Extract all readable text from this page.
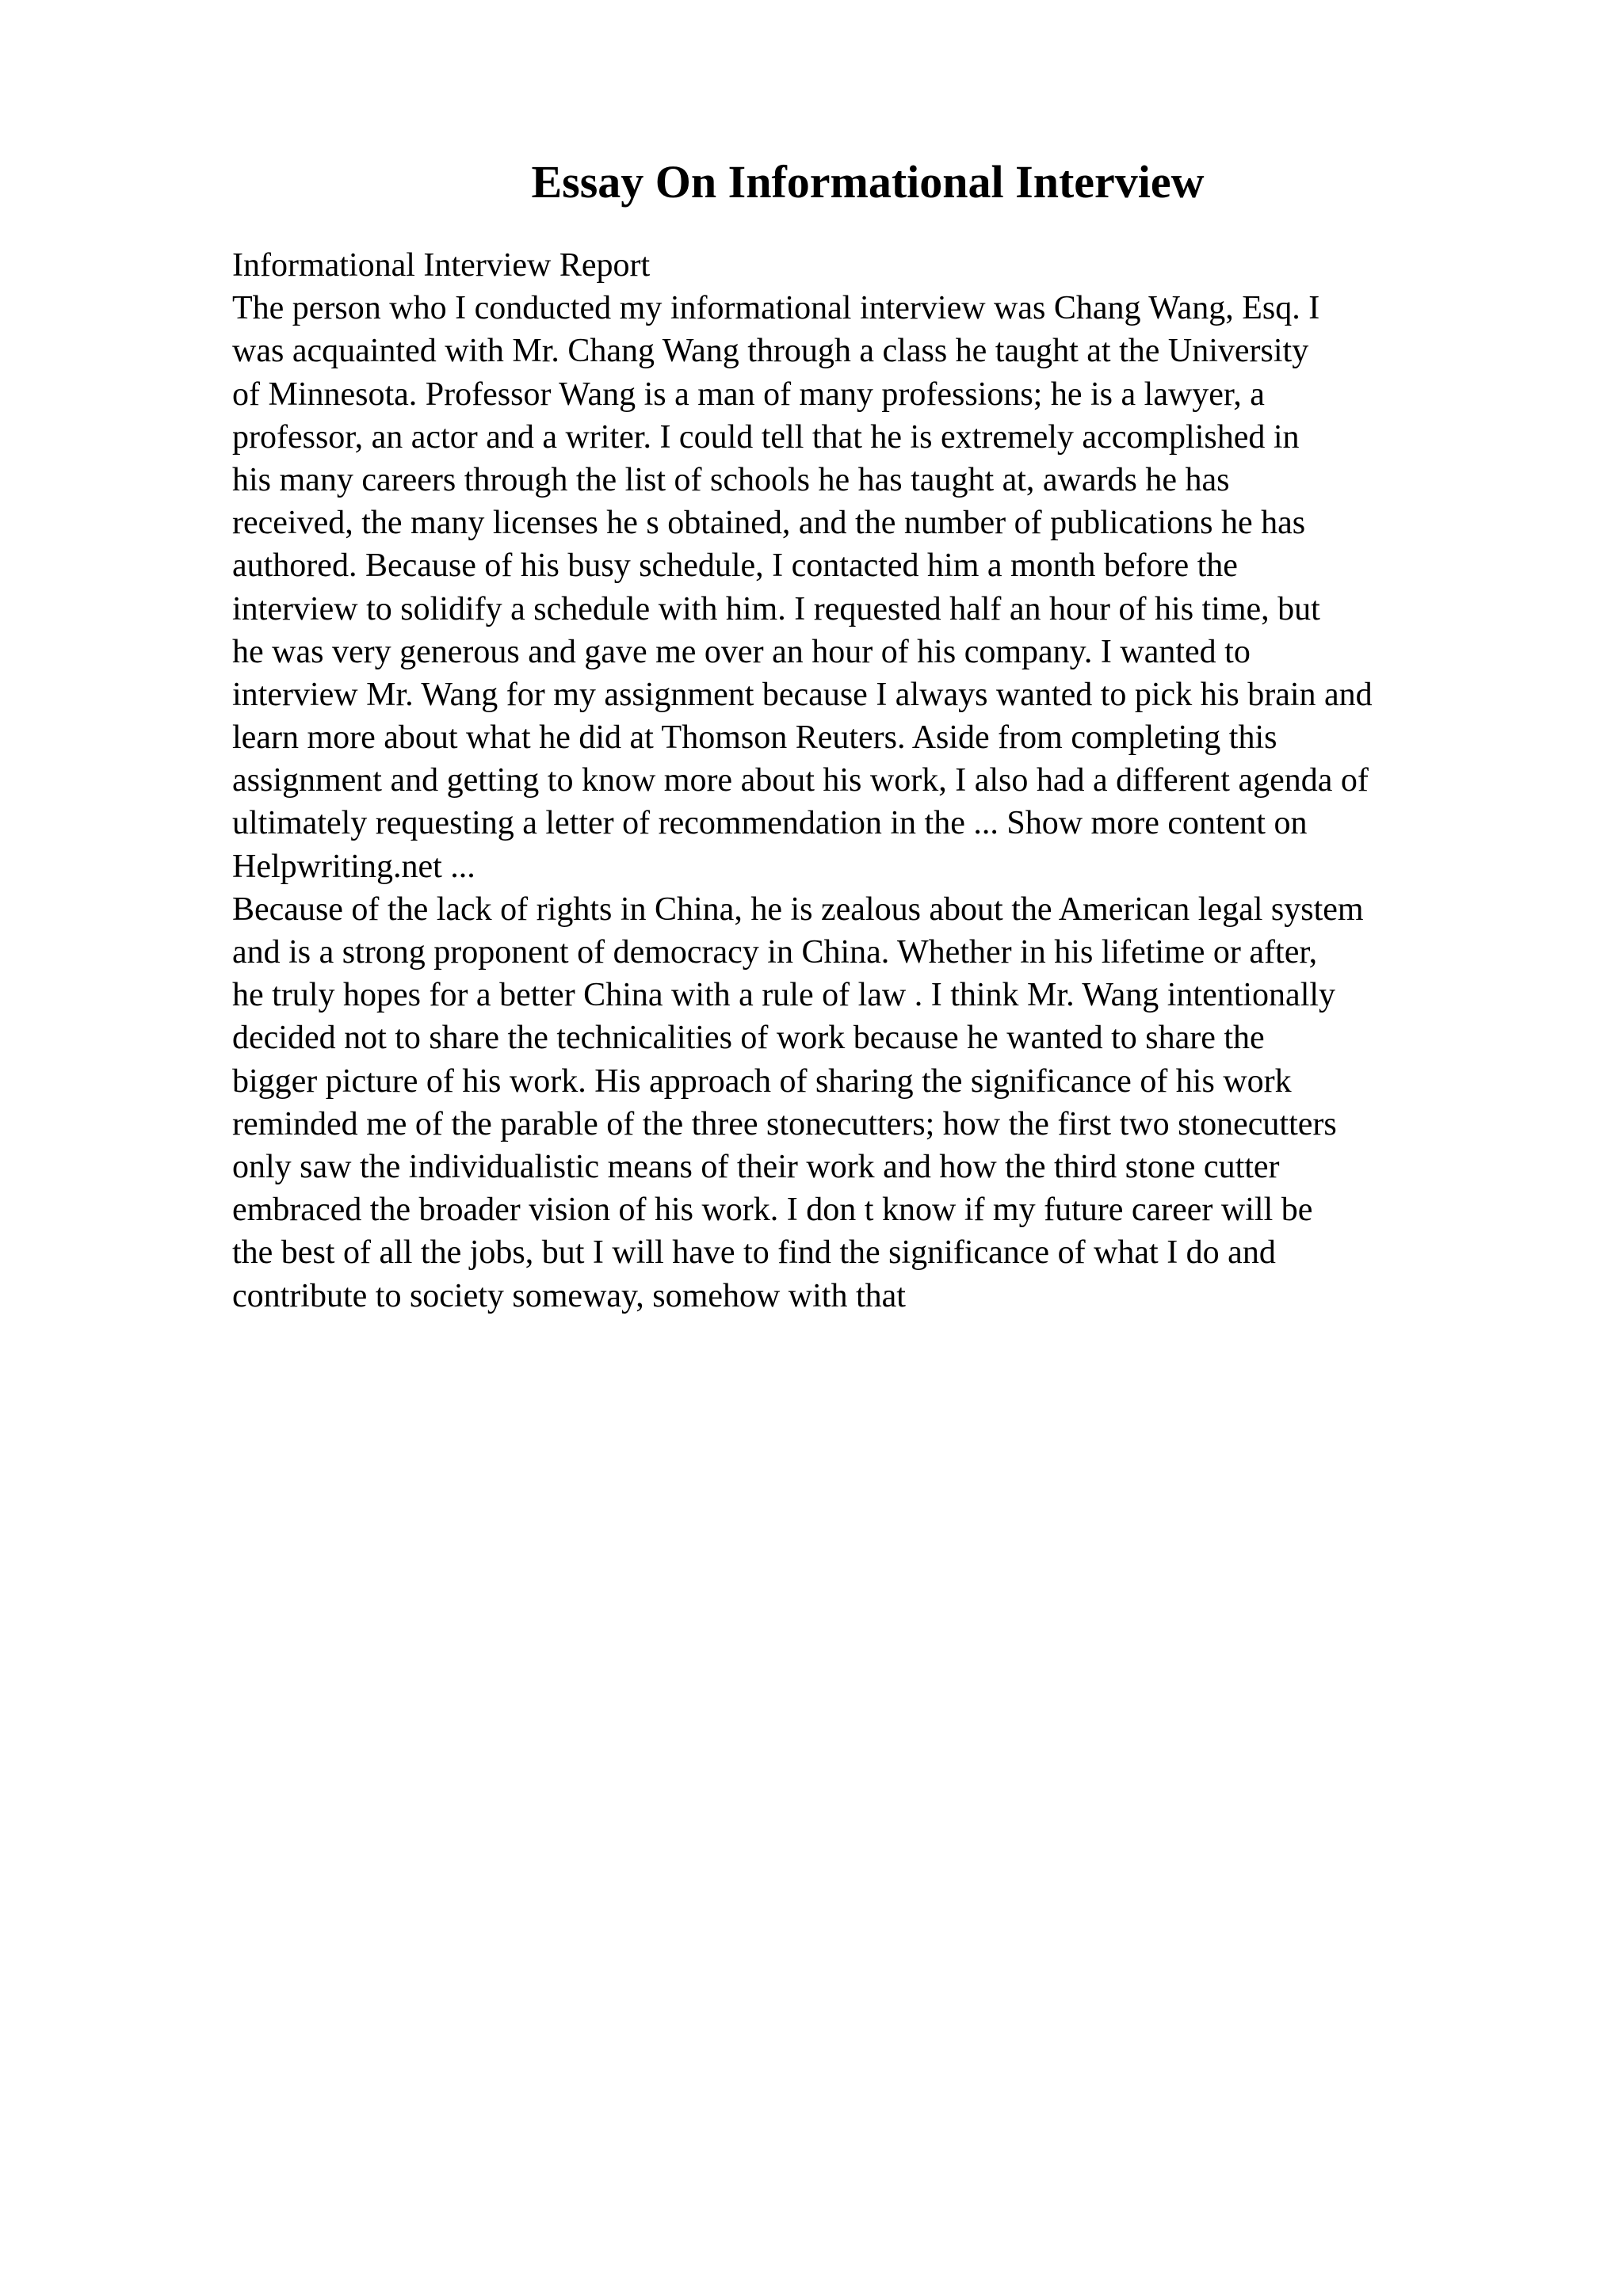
Essay On Informational Interview
Informational Interview Report
The person who I conducted my informational interview was Chang Wang, Esq. I
was acquainted with Mr. Chang Wang through a class he taught at the University
of Minnesota. Professor Wang is a man of many professions; he is a lawyer, a
professor, an actor and a writer. I could tell that he is extremely accomplished in
his many careers through the list of schools he has taught at, awards he has
received, the many licenses he s obtained, and the number of publications he has
authored. Because of his busy schedule, I contacted him a month before the
interview to solidify a schedule with him. I requested half an hour of his time, but
he was very generous and gave me over an hour of his company. I wanted to
interview Mr. Wang for my assignment because I always wanted to pick his brain and
learn more about what he did at Thomson Reuters. Aside from completing this
assignment and getting to know more about his work, I also had a different agenda of
ultimately requesting a letter of recommendation in the ... Show more content on
Helpwriting.net ...
Because of the lack of rights in China, he is zealous about the American legal system
and is a strong proponent of democracy in China. Whether in his lifetime or after,
he truly hopes for a better China with a rule of law . I think Mr. Wang intentionally
decided not to share the technicalities of work because he wanted to share the
bigger picture of his work. His approach of sharing the significance of his work
reminded me of the parable of the three stonecutters; how the first two stonecutters
only saw the individualistic means of their work and how the third stone cutter
embraced the broader vision of his work. I don t know if my future career will be
the best of all the jobs, but I will have to find the significance of what I do and
contribute to society someway, somehow with that
